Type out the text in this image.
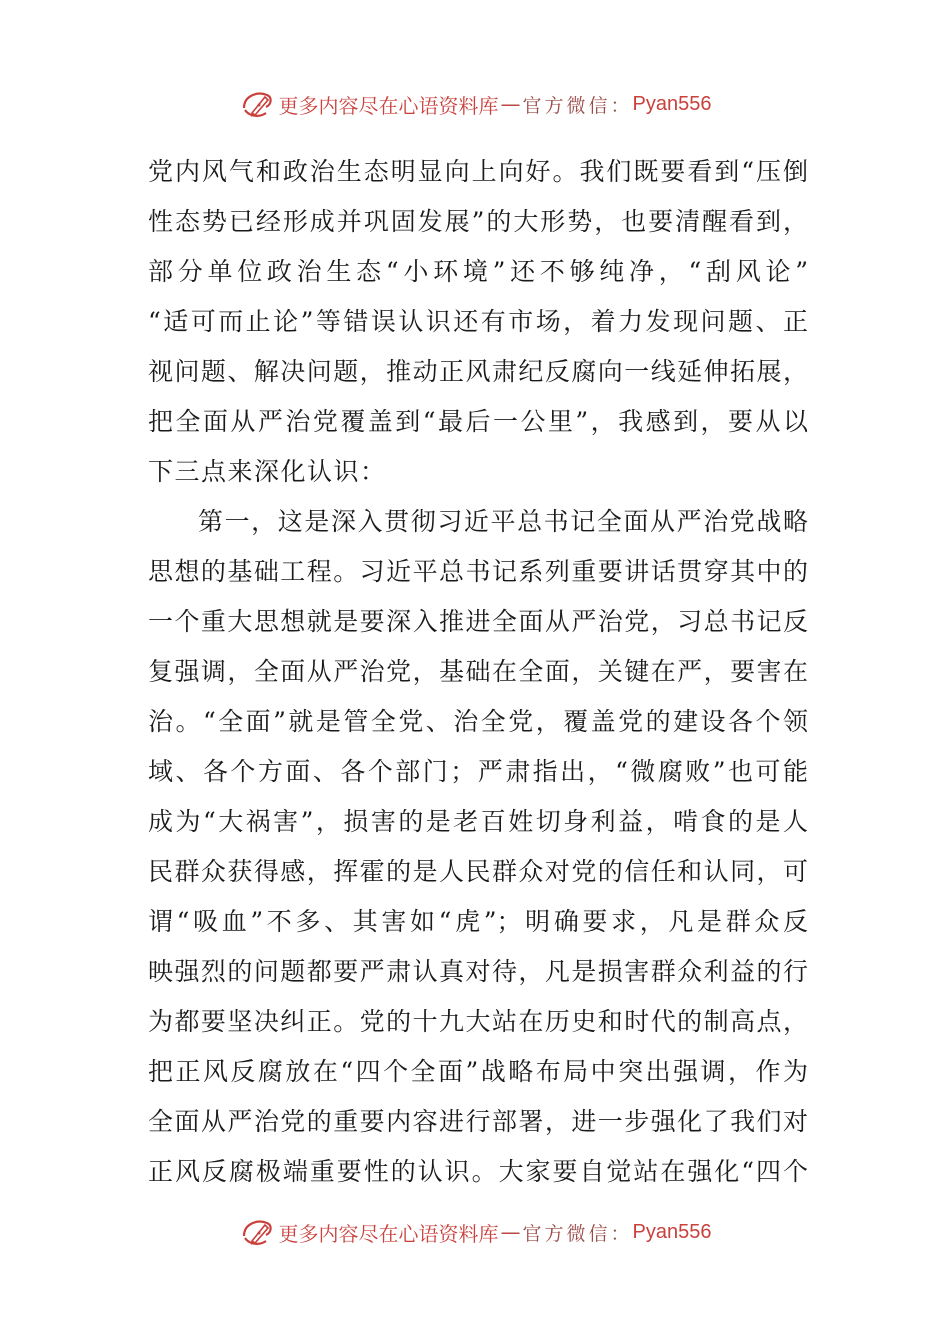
更多内容尽在心语资料库 — 官方微信： Pyan556
党内风气和政治生态明显向上向好。我们既要看到“压倒
性态势已经形成并巩固发展”的大形势，也要清醒看到，
部分单位政治生态“小环境”还不够纯净，“刮风论”
“适可而止论”等错误认识还有市场，着力发现问题、正
视问题、解决问题，推动正风肃纪反腐向一线延伸拓展，
把全面从严治党覆盖到“最后一公里”，我感到，要从以
下三点来深化认识：
第一，这是深入贯彻习近平总书记全面从严治党战略
思想的基础工程。习近平总书记系列重要讲话贯穿其中的
一个重大思想就是要深入推进全面从严治党，习总书记反
复强调，全面从严治党，基础在全面，关键在严，要害在
治。“全面”就是管全党、治全党，覆盖党的建设各个领
域、各个方面、各个部门；严肃指出，“微腐败”也可能
成为“大祸害”，损害的是老百姓切身利益，啃食的是人
民群众获得感，挥霍的是人民群众对党的信任和认同，可
谓“吸血”不多、其害如“虎”；明确要求，凡是群众反
映强烈的问题都要严肃认真对待，凡是损害群众利益的行
为都要坚决纠正。党的十九大站在历史和时代的制高点，
把正风反腐放在“四个全面”战略布局中突出强调，作为
全面从严治党的重要内容进行部署，进一步强化了我们对
正风反腐极端重要性的认识。大家要自觉站在强化“四个
更多内容尽在心语资料库 — 官方微信： Pyan556
